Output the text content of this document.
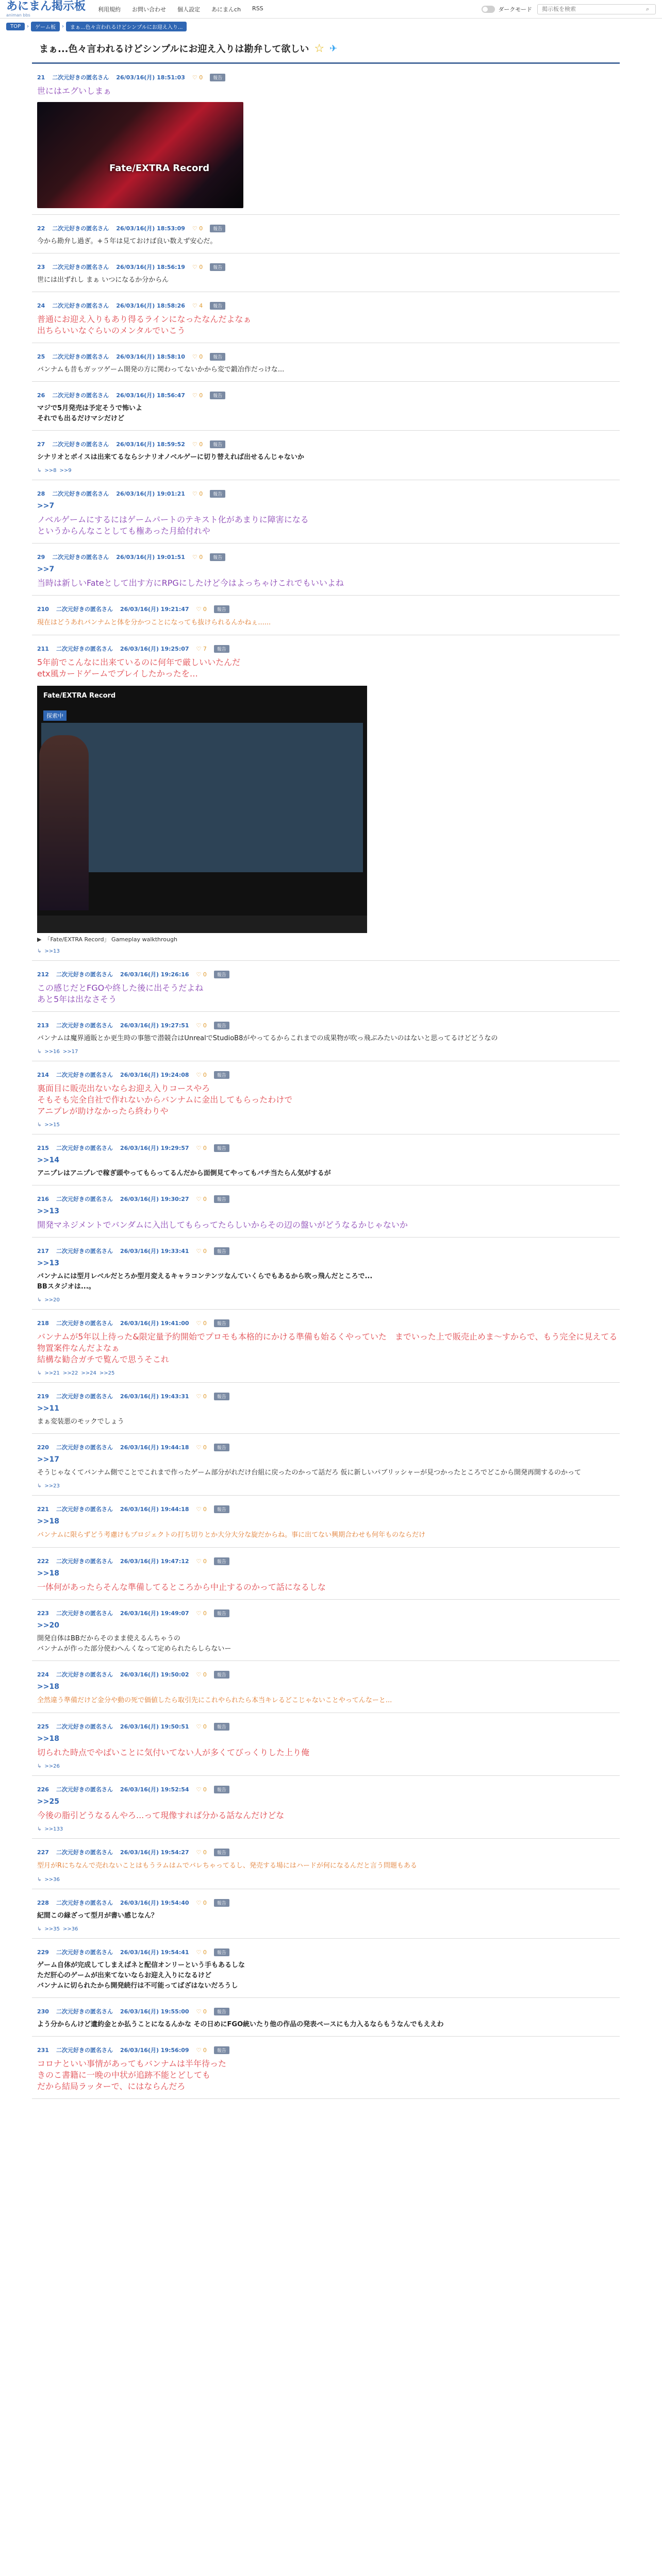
あにまん掲示板
animan bbs
利用規約 お問い合わせ 個人設定 あにまんch RSS	ダークモード
掲示板を検索	⌕
TOP	›	ゲーム板	›	まぁ...色々言われるけどシンプルにお迎え入り...
まぁ...色々言われるけどシンプルにお迎え入りは勘弁して欲しい ☆ ✈
21 二次元好きの匿名さん 26/03/16(月) 18:51:03 ♡ 0	報告
世にはエグいしまぁ
Fate/EXTRA Record
22 二次元好きの匿名さん 26/03/16(月) 18:53:09 ♡ 0	報告
今から勘弁し過ぎ。+５年は見ておけば良い数えず安心だ。
23 二次元好きの匿名さん 26/03/16(月) 18:56:19 ♡ 0	報告
世には出ずれし まぁ いつになるか分からん
24 二次元好きの匿名さん 26/03/16(月) 18:58:26 ♡ 4	報告
普通にお迎え入りもあり得るラインになったなんだよなぁ
出ちらいいなぐらいのメンタルでいこう
25 二次元好きの匿名さん 26/03/16(月) 18:58:10 ♡ 0	報告
バンナムも昔もガッツゲーム開発の方に関わってないかから変で鍛冶作だっけな...
26 二次元好きの匿名さん 26/03/16(月) 18:56:47 ♡ 0	報告
マジで5月発売は予定そうで怖いよ
それでも出るだけマシだけど
27 二次元好きの匿名さん 26/03/16(月) 18:59:52 ♡ 0	報告
シナリオとボイスは出来てるならシナリオノベルゲーに切り替えれば出せるんじゃないか
↳ >>8 >>9
28 二次元好きの匿名さん 26/03/16(月) 19:01:21 ♡ 0	報告
>>7
ノベルゲームにするにはゲームパートのテキスト化があまりに障害になる
というからんなことしても権あった月給付れや
29 二次元好きの匿名さん 26/03/16(月) 19:01:51 ♡ 0	報告
>>7
当時は新しいFateとして出す方にRPGにしたけど今はよっちゃけこれでもいいよね
210 二次元好きの匿名さん 26/03/16(月) 19:21:47 ♡ 0	報告
現在はどうあれバンナムと体を分かつことになっても抜けられるんかねぇ......
211 二次元好きの匿名さん 26/03/16(月) 19:25:07 ♡ 7	報告
5年前でこんなに出来ているのに何年で厳しいいたんだ
etx風カードゲームでプレイしたかったを…
Fate/EXTRA Record
探索中
▶ 「Fate/EXTRA Record」 Gameplay walkthrough
↳ >>13
212 二次元好きの匿名さん 26/03/16(月) 19:26:16 ♡ 0	報告
この感じだとFGOや終した後に出そうだよね
あと5年は出なさそう
213 二次元好きの匿名さん 26/03/16(月) 19:27:51 ♡ 0	報告
バンナムは魔界通販とか更生時の事態で潜競合はUnrealでStudioB8がやってるからこれまでの成果物が吹っ飛ぶみたいのはないと思ってるけどどうなの
↳ >>16 >>17
214 二次元好きの匿名さん 26/03/16(月) 19:24:08 ♡ 0	報告
裏面目に販売出ないならお迎え入りコースやろ
そもそも完全自社で作れないからバンナムに金出してもらったわけで
アニプレが助けなかったら終わりや
↳ >>15
215 二次元好きの匿名さん 26/03/16(月) 19:29:57 ♡ 0	報告
>>14
アニプレはアニプレで稼ぎ頭やってもらってるんだから面倒見てやってもバチ当たらん気がするが
216 二次元好きの匿名さん 26/03/16(月) 19:30:27 ♡ 0	報告
>>13
開発マネジメントでバンダムに入出してもらってたらしいからその辺の盤いがどうなるかじゃないか
217 二次元好きの匿名さん 26/03/16(月) 19:33:41 ♡ 0	報告
>>13
バンナムには型月レベルだとろか型月変えるキャラコンテンツなんていくらでもあるから吹っ飛んだところで...
BBスタジオは...。
↳ >>20
218 二次元好きの匿名さん 26/03/16(月) 19:41:00 ♡ 0	報告
バンナムが5年以上待った&限定量予約開始でプロモも本格的にかける準備も始るくやっていた　までいった上で販売止めま〜すからで、もう完全に見えてる物置案件なんだよなぁ
結構な勧合ガチで覧んで思うそこれ
↳ >>21 >>22 >>24 >>25
219 二次元好きの匿名さん 26/03/16(月) 19:43:31 ♡ 0	報告
>>11
まぁ変装悪のモックでしょう
220 二次元好きの匿名さん 26/03/16(月) 19:44:18 ♡ 0	報告
>>17
そうじゃなくてバンナム側でことでこれまで作ったゲーム部分がれだけ台組に戻ったのかって話だろ 仮に新しいパブリッシャーが見つかったところでどこから開発再開するのかって
↳ >>23
221 二次元好きの匿名さん 26/03/16(月) 19:44:18 ♡ 0	報告
>>18
バンナムに限らずどう考慮けもプロジェクトの打ち切りとか大分大分な旋だからね。事に出てない興期合わせも何年ものならだけ
222 二次元好きの匿名さん 26/03/16(月) 19:47:12 ♡ 0	報告
>>18
一体何があったらそんな準備してるところから中止するのかって話になるしな
223 二次元好きの匿名さん 26/03/16(月) 19:49:07 ♡ 0	報告
>>20
開発自体はBBだからそのまま使えるんちゃうの
バンナムが作った部分使わへんくなって定められたらしらないー
224 二次元好きの匿名さん 26/03/16(月) 19:50:02 ♡ 0	報告
>>18
全然違う準備だけど金分や動の死で価値したら取引先にこれやられたら本当キレるどこじゃないことやってんなーと...
225 二次元好きの匿名さん 26/03/16(月) 19:50:51 ♡ 0	報告
>>18
切られた時点でやばいことに気付いてない人が多くてびっくりした上り俺
↳ >>26
226 二次元好きの匿名さん 26/03/16(月) 19:52:54 ♡ 0	報告
>>25
今後の脂引どうなるんやろ...って現像すれば分かる話なんだけどな
↳ >>133
227 二次元好きの匿名さん 26/03/16(月) 19:54:27 ♡ 0	報告
型月がRにちなんで売れないことはもうラムはムでバレちゃってるし、発売する場にはハードが何になるんだと言う問題もある
↳ >>36
228 二次元好きの匿名さん 26/03/16(月) 19:54:40 ♡ 0	報告
紀間この縁ざって型月が書い感じなん？
↳ >>35 >>36
229 二次元好きの匿名さん 26/03/16(月) 19:54:41 ♡ 0	報告
ゲーム自体が完成してしまえばネと配信オンリーという手もあるしな
ただ肝心のゲームが出来てないならお迎え入りになるけど
バンナムに切られたから開発続行は不可能ってばざはないだろうし
230 二次元好きの匿名さん 26/03/16(月) 19:55:00 ♡ 0	報告
よう分からんけど遺約金とか払うことになるんかな その日めにFGO統いたり他の作品の発表ペースにも力入るならもうなんでもええわ
231 二次元好きの匿名さん 26/03/16(月) 19:56:09 ♡ 0	報告
コロナといい事情があってもバンナムは半年待った
きのこ書籍に一晩の中状が追跡不能とどしても
だから結局ラッターで、にはならんだろ
